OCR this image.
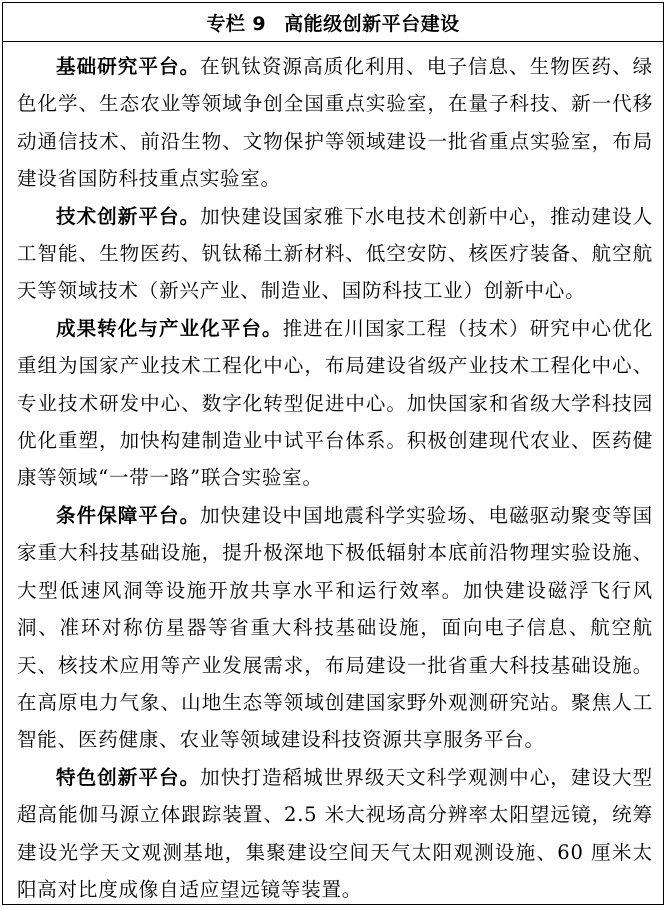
专栏 9 高能级创新平台建设

基础研究平台。在钒钛资源高质化利用、电子信息、生物医药、绿色化学、生态农业等领域争创全国重点实验室，在量子科技、新一代移动通信技术、前沿生物、文物保护等领域建设一批省重点实验室，布局建设省国防科技重点实验室。

技术创新平台。加快建设国家雅下水电技术创新中心，推动建设人工智能、生物医药、钒钛稀土新材料、低空安防、核医疗装备、航空航天等领域技术（新兴产业、制造业、国防科技工业）创新中心。

成果转化与产业化平台。推进在川国家工程（技术）研究中心优化重组为国家产业技术工程化中心，布局建设省级产业技术工程化中心、专业技术研发中心、数字化转型促进中心。加快国家和省级大学科技园优化重塑，加快构建制造业中试平台体系。积极创建现代农业、医药健康等领域“一带一路”联合实验室。

条件保障平台。加快建设中国地震科学实验场、电磁驱动聚变等国家重大科技基础设施，提升极深地下极低辐射本底前沿物理实验设施、大型低速风洞等设施开放共享水平和运行效率。加快建设磁浮飞行风洞、准环对称仿星器等省重大科技基础设施，面向电子信息、航空航天、核技术应用等产业发展需求，布局建设一批省重大科技基础设施。在高原电力气象、山地生态等领域创建国家野外观测研究站。聚焦人工智能、医药健康、农业等领域建设科技资源共享服务平台。

特色创新平台。加快打造稻城世界级天文科学观测中心，建设大型超高能伽马源立体跟踪装置、2.5 米大视场高分辨率太阳望远镜，统筹建设光学天文观测基地，集聚建设空间天气太阳观测设施、60 厘米太阳高对比度成像自适应望远镜等装置。
